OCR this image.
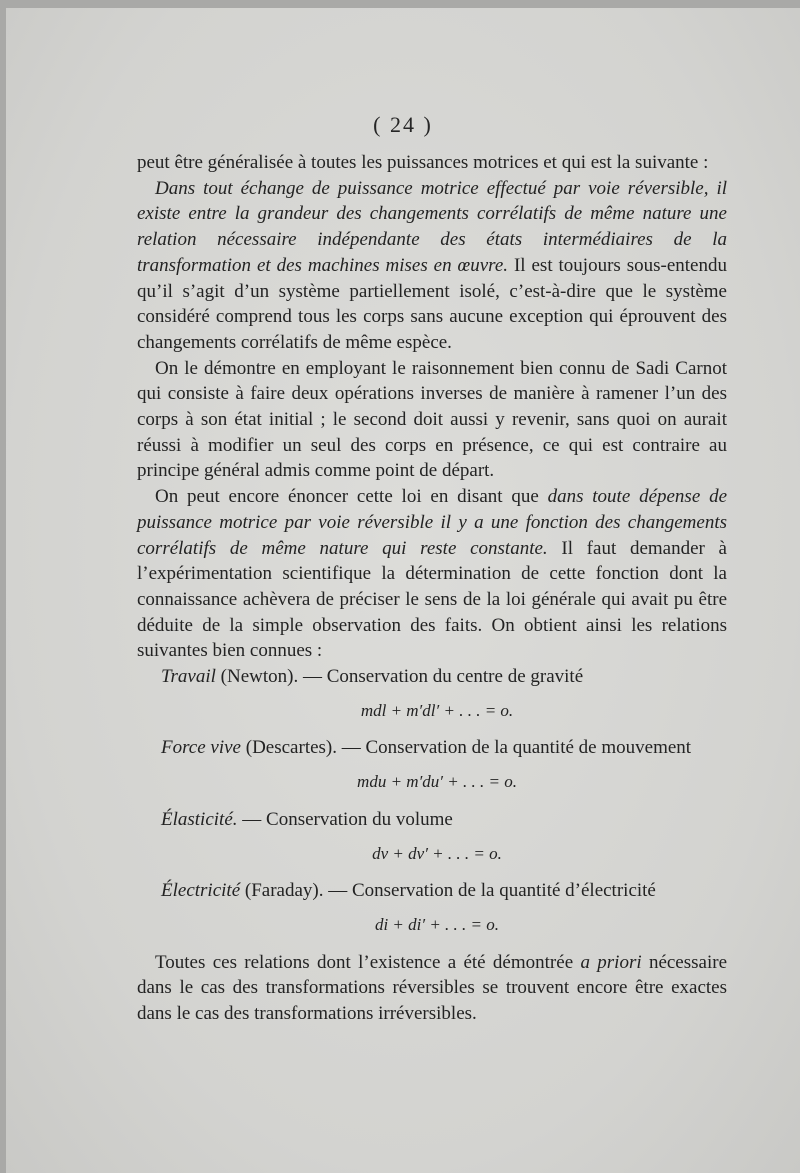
( 24 )

peut être généralisée à toutes les puissances motrices et qui est la suivante :
Dans tout échange de puissance motrice effectué par voie réversible, il existe entre la grandeur des changements corrélatifs de même nature une relation nécessaire indépendante des états intermédiaires de la transformation et des machines mises en œuvre. Il est toujours sous-entendu qu’il s’agit d’un système partiellement isolé, c’est-à-dire que le système considéré comprend tous les corps sans aucune exception qui éprouvent des changements corrélatifs de même espèce.

On le démontre en employant le raisonnement bien connu de Sadi Carnot qui consiste à faire deux opérations inverses de manière à ramener l’un des corps à son état initial ; le second doit aussi y revenir, sans quoi on aurait réussi à modifier un seul des corps en présence, ce qui est contraire au principe général admis comme point de départ.

On peut encore énoncer cette loi en disant que dans toute dépense de puissance motrice par voie réversible il y a une fonction des changements corrélatifs de même nature qui reste constante. Il faut demander à l’expérimentation scientifique la détermination de cette fonction dont la connaissance achèvera de préciser le sens de la loi générale qui avait pu être déduite de la simple observation des faits. On obtient ainsi les relations suivantes bien connues :

Travail (Newton). — Conservation du centre de gravité

mdl + m′dl′ + . . . = o.

Force vive (Descartes). — Conservation de la quantité de mouvement

mdu + m′du′ + . . . = o.

Élasticité. — Conservation du volume

dv + dv′ + . . . = o.

Électricité (Faraday). — Conservation de la quantité d’électricité

di + di′ + . . . = o.

Toutes ces relations dont l’existence a été démontrée a priori nécessaire dans le cas des transformations réversibles se trouvent encore être exactes dans le cas des transformations irréversibles.
